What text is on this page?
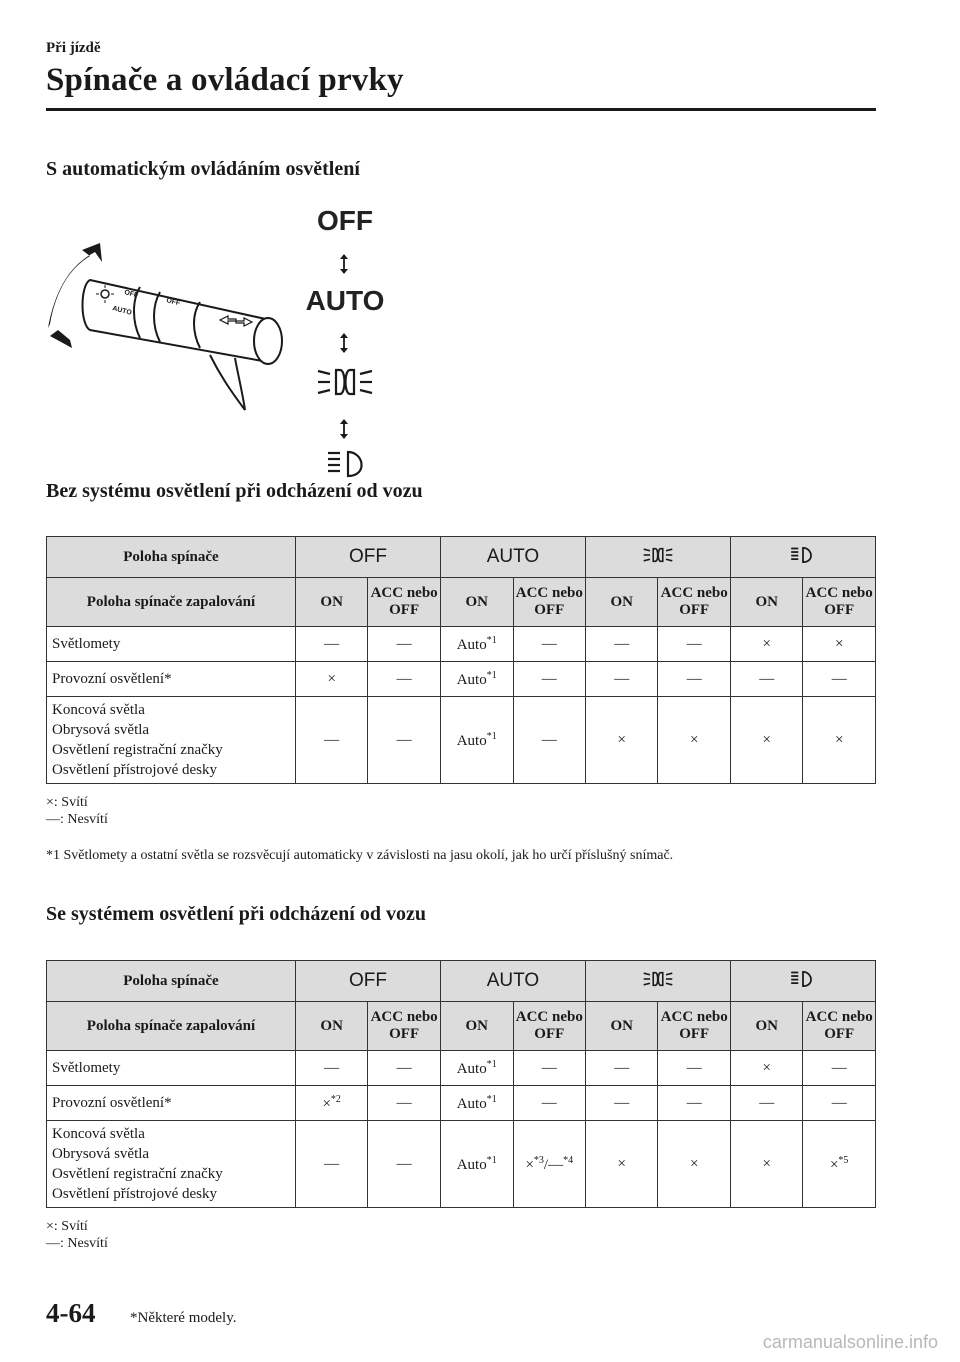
Při jízdě
Spínače a ovládací prvky
S automatickým ovládáním osvětlení
OFF
AUTO
OFF
OFF
AUTO
Bez systému osvětlení při odcházení od vozu
Poloha spínače	OFF		AUTO		
Poloha spínače zapalování	ON	ACC nebo OFF	ON	ACC nebo OFF	ON	ACC nebo OFF	ON	ACC nebo OFF
Světlomety	—	—	Auto$^{*1}$	—	—	—	×	×
Provozní osvětlení*	×	—	Auto$^{*1}$	—	—	—	—	—

Koncová světla
Obrysová světla
Osvětlení registrační značky
Osvětlení přístrojové desky	—	—	Auto$^{*1}$	—	×	×	×	×
×: Svítí
—: Nesvítí
*1 Světlomety a ostatní světla se rozsvěcují automaticky v závislosti na jasu okolí, jak ho určí příslušný snímač.
Se systémem osvětlení při odcházení od vozu
Poloha spínače	OFF		AUTO		
Poloha spínače zapalování	ON	ACC nebo OFF	ON	ACC nebo OFF	ON	ACC nebo OFF	ON	ACC nebo OFF
Světlomety	—	—	Auto$^{*1}$	—	—	—	×	—
Provozní osvětlení*	×$^{*2}$	—	Auto$^{*1}$	—	—	—	—	—

Koncová světla
Obrysová světla
Osvětlení registrační značky
Osvětlení přístrojové desky	—	—	Auto$^{*1}$	×$^{*3}$/—$^{*4}$	×	×	×	×$^{*5}$
×: Svítí
—: Nesvítí
4-64 *Některé modely.
carmanualsonline.info
